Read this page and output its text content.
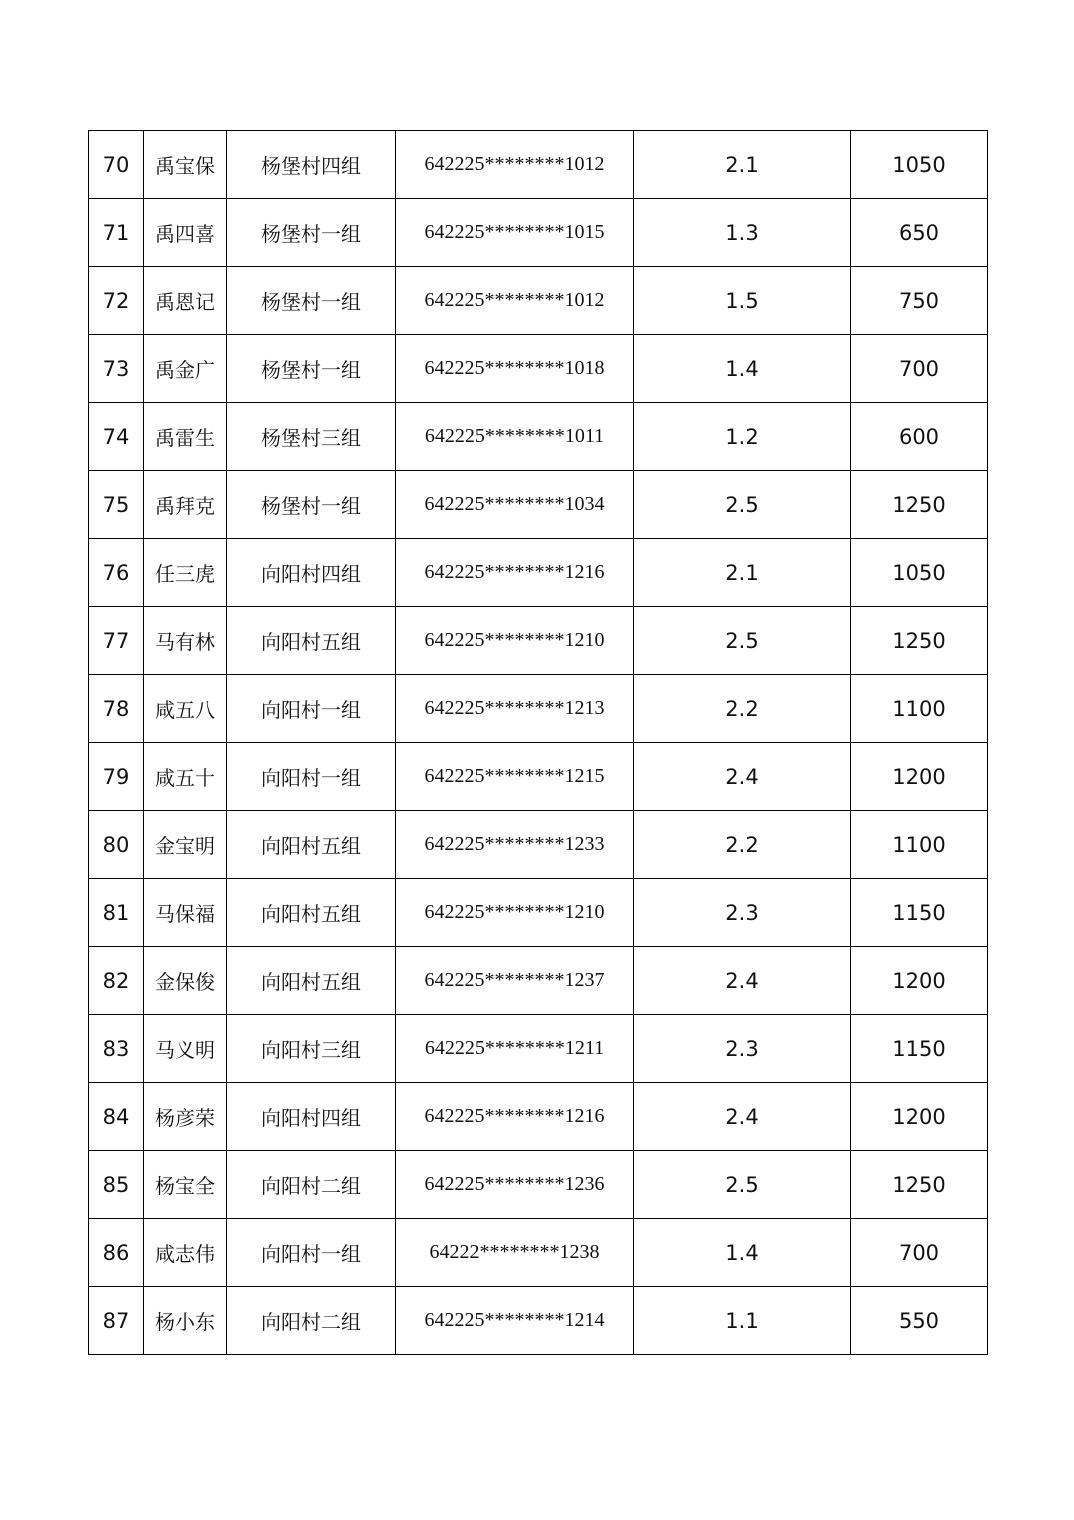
70	禹宝保	杨堡村四组	642225********1012	2.1	1050
71	禹四喜	杨堡村一组	642225********1015	1.3	650
72	禹恩记	杨堡村一组	642225********1012	1.5	750
73	禹金广	杨堡村一组	642225********1018	1.4	700
74	禹雷生	杨堡村三组	642225********1011	1.2	600
75	禹拜克	杨堡村一组	642225********1034	2.5	1250
76	任三虎	向阳村四组	642225********1216	2.1	1050
77	马有林	向阳村五组	642225********1210	2.5	1250
78	咸五八	向阳村一组	642225********1213	2.2	1100
79	咸五十	向阳村一组	642225********1215	2.4	1200
80	金宝明	向阳村五组	642225********1233	2.2	1100
81	马保福	向阳村五组	642225********1210	2.3	1150
82	金保俊	向阳村五组	642225********1237	2.4	1200
83	马义明	向阳村三组	642225********1211	2.3	1150
84	杨彦荣	向阳村四组	642225********1216	2.4	1200
85	杨宝全	向阳村二组	642225********1236	2.5	1250
86	咸志伟	向阳村一组	64222********1238	1.4	700
87	杨小东	向阳村二组	642225********1214	1.1	550
